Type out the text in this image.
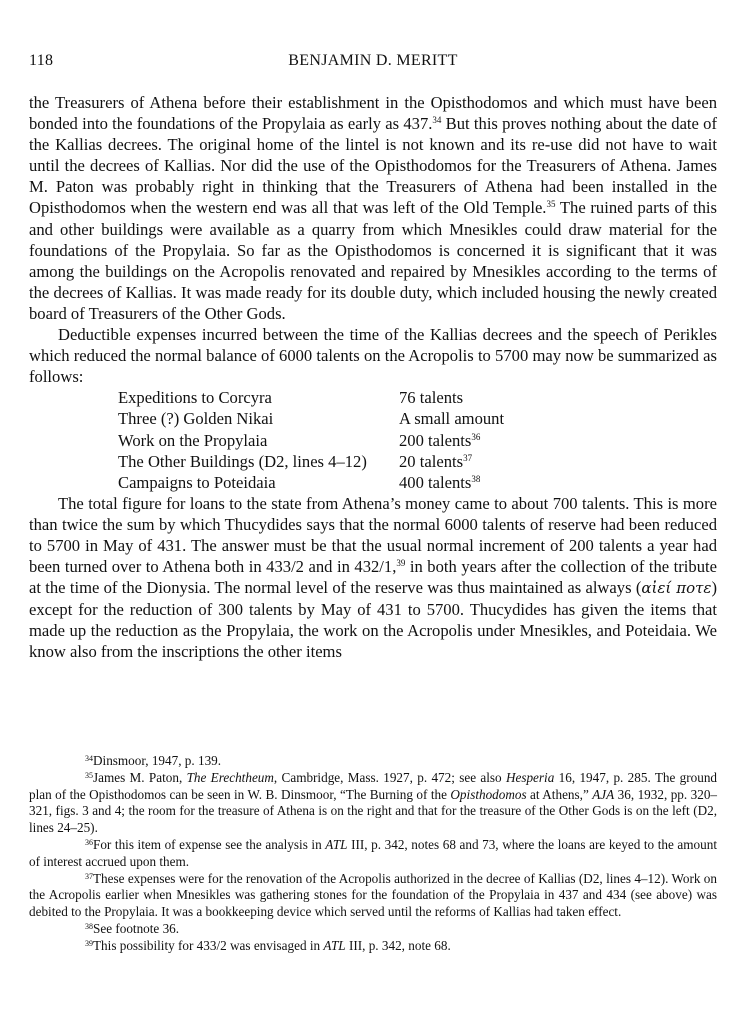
118	BENJAMIN D. MERITT

the Treasurers of Athena before their establishment in the Opisthodomos and which must have been bonded into the foundations of the Propylaia as early as 437.34 But this proves nothing about the date of the Kallias decrees. The original home of the lintel is not known and its re-use did not have to wait until the decrees of Kallias. Nor did the use of the Opisthodomos for the Treasurers of Athena. James M. Paton was probably right in thinking that the Treasurers of Athena had been installed in the Opisthodomos when the western end was all that was left of the Old Temple.$^{35}$ The ruined parts of this and other buildings were available as a quarry from which Mnesikles could draw material for the foundations of the Propylaia. So far as the Opisthodomos is concerned it is significant that it was among the buildings on the Acropolis renovated and repaired by Mnesikles according to the terms of the decrees of Kallias. It was made ready for its double duty, which included housing the newly created board of Treasurers of the Other Gods.

Deductible expenses incurred between the time of the Kallias decrees and the speech of Perikles which reduced the normal balance of 6000 talents on the Acropolis to 5700 may now be summarized as follows:

Expeditions to Corcyra	76 talents
Three (?) Golden Nikai	A small amount
Work on the Propylaia	200 talents$^{36}$
The Other Buildings (D2, lines 4–12)	20 talents$^{37}$
Campaigns to Poteidaia	400 talents$^{38}$

The total figure for loans to the state from Athena’s money came to about 700 talents. This is more than twice the sum by which Thucydides says that the normal 6000 talents of reserve had been reduced to 5700 in May of 431. The answer must be that the usual normal increment of 200 talents a year had been turned over to Athena both in 433/2 and in 432/1,39 in both years after the collection of the tribute at the time of the Dionysia. The normal level of the reserve was thus maintained as always (αἰεί ποτε) except for the reduction of 300 talents by May of 431 to 5700. Thucydides has given the items that made up the reduction as the Propylaia, the work on the Acropolis under Mnesikles, and Poteidaia. We know also from the inscriptions the other items

$^{34}$Dinsmoor, 1947, p. 139.

$^{35}$James M. Paton, The Erechtheum, Cambridge, Mass. 1927, p. 472; see also Hesperia 16, 1947, p. 285. The ground plan of the Opisthodomos can be seen in W. B. Dinsmoor, “The Burning of the Opisthodomos at Athens,” AJA 36, 1932, pp. 320–321, figs. 3 and 4; the room for the treasure of Athena is on the right and that for the treasure of the Other Gods is on the left (D2, lines 24–25).

$^{36}$For this item of expense see the analysis in ATL III, p. 342, notes 68 and 73, where the loans are keyed to the amount of interest accrued upon them.

$^{37}$These expenses were for the renovation of the Acropolis authorized in the decree of Kallias (D2, lines 4–12). Work on the Acropolis earlier when Mnesikles was gathering stones for the foundation of the Propylaia in 437 and 434 (see above) was debited to the Propylaia. It was a bookkeeping device which served until the reforms of Kallias had taken effect.

$^{38}$See footnote 36.

$^{39}$This possibility for 433/2 was envisaged in ATL III, p. 342, note 68.
